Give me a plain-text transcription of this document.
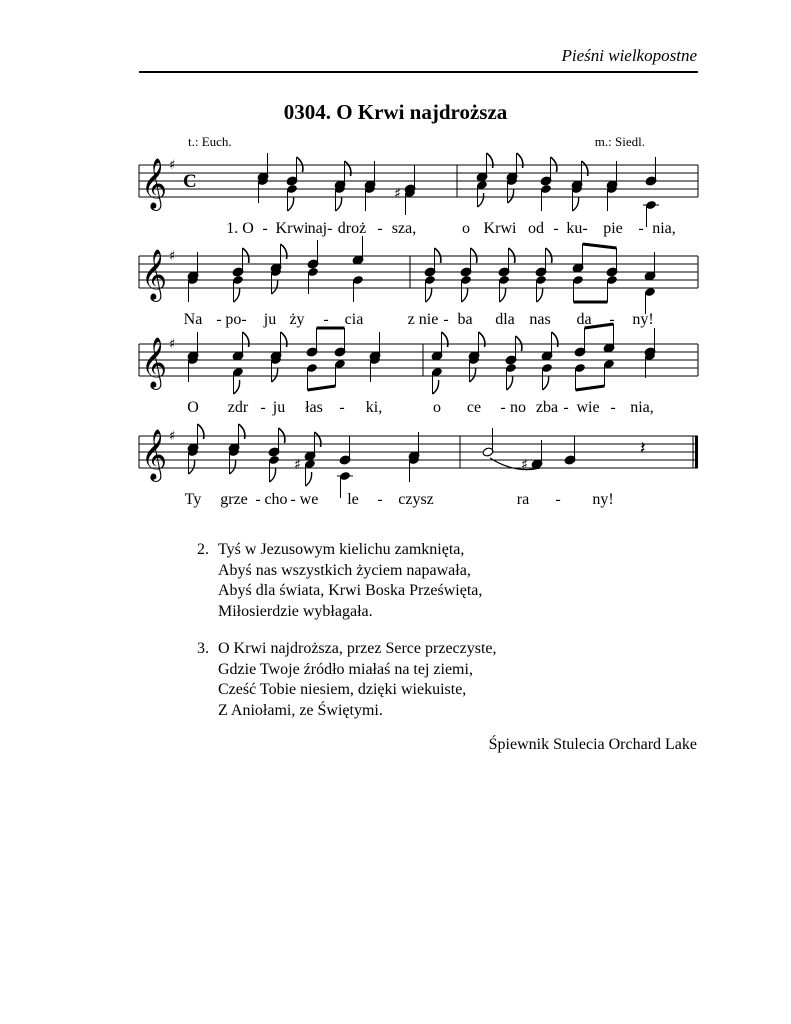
Pieśni wielkopostne
0304. O Krwi najdroższa
t.: Euch.	m.: Siedl.
𝄞 ♯
C
𝄞 ♯
𝄞 ♯
𝄞 ♯
♯
♯	♯
𝄽
1. O - Krwi naj- droż - sza,	o Krwi od - ku- pie - nia,
Na - po- ju ży - cia	z nie - ba dla nas da - ny!
O zdr - ju łas - ki,	o ce - no zba - wie - nia,
Ty grze - cho - we le - czysz	ra - ny!
2. Tyś w Jezusowym kielichu zamknięta,
Abyś nas wszystkich życiem napawała,
Abyś dla świata, Krwi Boska Prześwięta,
Miłosierdzie wybłagała.
3. O Krwi najdroższa, przez Serce przeczyste,
Gdzie Twoje źródło miałaś na tej ziemi,
Cześć Tobie niesiem, dzięki wiekuiste,
Z Aniołami, ze Świętymi.
Śpiewnik Stulecia Orchard Lake
